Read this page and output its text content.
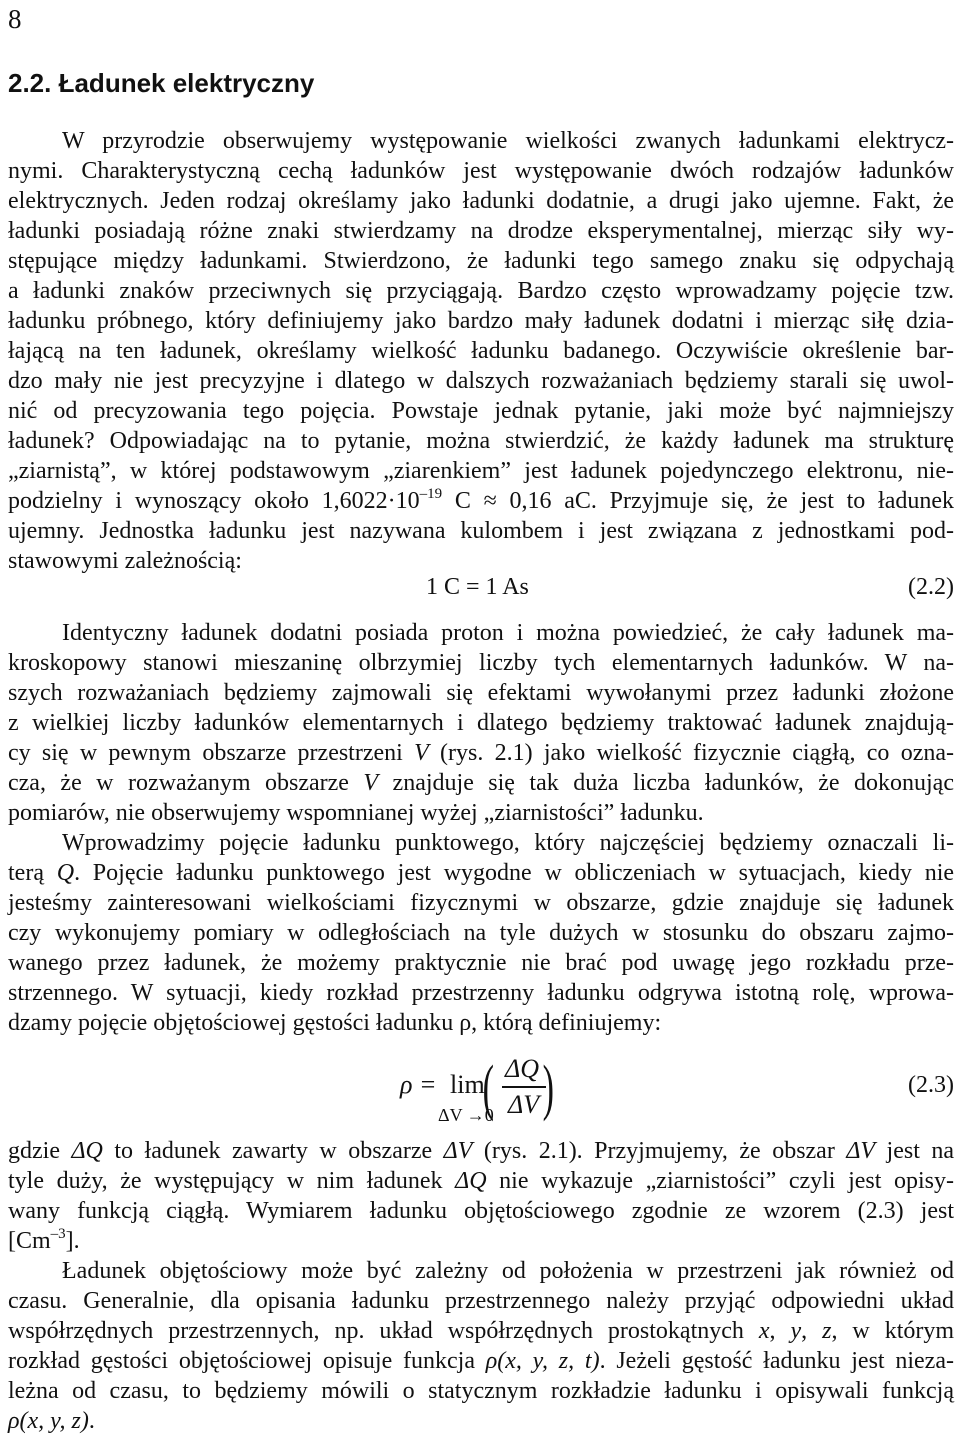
8
2.2. Ładunek elektryczny
W przyrodzie obserwujemy występowanie wielkości zwanych ładunkami elektrycz-
nymi. Charakterystyczną cechą ładunków jest występowanie dwóch rodzajów ładunków
elektrycznych. Jeden rodzaj określamy jako ładunki dodatnie, a drugi jako ujemne. Fakt, że
ładunki posiadają różne znaki stwierdzamy na drodze eksperymentalnej, mierząc siły wy-
stępujące między ładunkami. Stwierdzono, że ładunki tego samego znaku się odpychają
a ładunki znaków przeciwnych się przyciągają. Bardzo często wprowadzamy pojęcie tzw.
ładunku próbnego, który definiujemy jako bardzo mały ładunek dodatni i mierząc siłę dzia-
łającą na ten ładunek, określamy wielkość ładunku badanego. Oczywiście określenie bar-
dzo mały nie jest precyzyjne i dlatego w dalszych rozważaniach będziemy starali się uwol-
nić od precyzowania tego pojęcia. Powstaje jednak pytanie, jaki może być najmniejszy
ładunek? Odpowiadając na to pytanie, można stwierdzić, że każdy ładunek ma strukturę
„ziarnistą”, w której podstawowym „ziarenkiem” jest ładunek pojedynczego elektronu, nie-
podzielny i wynoszący około $1,6022\cdot 10^{-19}$ C ≈ 0,16 aC. Przyjmuje się, że jest to ładunek
ujemny. Jednostka ładunku jest nazywana kulombem i jest związana z jednostkami pod-
stawowymi zależnością:
1 C = 1 As	(2.2)
Identyczny ładunek dodatni posiada proton i można powiedzieć, że cały ładunek ma-
kroskopowy stanowi mieszaninę olbrzymiej liczby tych elementarnych ładunków. W na-
szych rozważaniach będziemy zajmowali się efektami wywołanymi przez ładunki złożone
z wielkiej liczby ładunków elementarnych i dlatego będziemy traktować ładunek znajdują-
cy się w pewnym obszarze przestrzeni V (rys. 2.1) jako wielkość fizycznie ciągłą, co ozna-
cza, że w rozważanym obszarze V znajduje się tak duża liczba ładunków, że dokonując
pomiarów, nie obserwujemy wspomnianej wyżej „ziarnistości” ładunku.
Wprowadzimy pojęcie ładunku punktowego, który najczęściej będziemy oznaczali li-
terą Q. Pojęcie ładunku punktowego jest wygodne w obliczeniach w sytuacjach, kiedy nie
jesteśmy zainteresowani wielkościami fizycznymi w obszarze, gdzie znajduje się ładunek
czy wykonujemy pomiary w odległościach na tyle dużych w stosunku do obszaru zajmo-
wanego przez ładunek, że możemy praktycznie nie brać pod uwagę jego rozkładu prze-
strzennego. W sytuacji, kiedy rozkład przestrzenny ładunku odgrywa istotną rolę, wprowa-
dzamy pojęcie objętościowej gęstości ładunku ρ, którą definiujemy:
ρ = lim
ΔV →0
( ΔQ
ΔV )	(2.3)
gdzie ΔQ to ładunek zawarty w obszarze ΔV (rys. 2.1). Przyjmujemy, że obszar ΔV jest na
tyle duży, że występujący w nim ładunek ΔQ nie wykazuje „ziarnistości” czyli jest opisy-
wany funkcją ciągłą. Wymiarem ładunku objętościowego zgodnie ze wzorem (2.3) jest
$[Cm^{-3}]$.
Ładunek objętościowy może być zależny od położenia w przestrzeni jak również od
czasu. Generalnie, dla opisania ładunku przestrzennego należy przyjąć odpowiedni układ
współrzędnych przestrzennych, np. układ współrzędnych prostokątnych x, y, z, w którym
rozkład gęstości objętościowej opisuje funkcja ρ(x, y, z, t). Jeżeli gęstość ładunku jest nieza-
leżna od czasu, to będziemy mówili o statycznym rozkładzie ładunku i opisywali funkcją
ρ(x, y, z).
